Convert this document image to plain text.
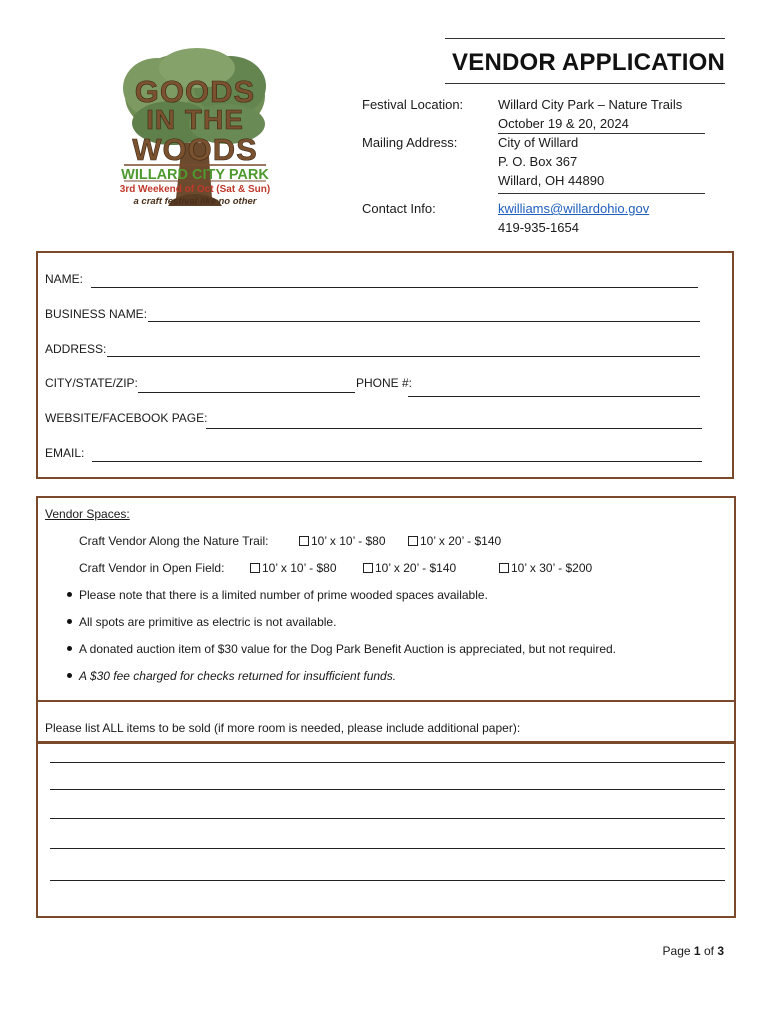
GOODS
IN THE
WOODS
WILLARD CITY PARK
3rd Weekend of Oct (Sat & Sun)
a craft festival like no other
VENDOR APPLICATION
Festival Location:	Willard City Park – Nature Trails
October 19 & 20, 2024
Mailing Address:	City of Willard
P. O. Box 367
Willard, OH 44890
Contact Info:	kwilliams@willardohio.gov
419-935-1654
NAME:
BUSINESS NAME:
ADDRESS:
CITY/STATE/ZIP:	PHONE #:
WEBSITE/FACEBOOK PAGE:
EMAIL:
Vendor Spaces:
Craft Vendor Along the Nature Trail:	10’ x 10’ - $80	10’ x 20’ - $140
Craft Vendor in Open Field:	10’ x 10’ - $80	10’ x 20’ - $140	10’ x 30’ - $200
Please note that there is a limited number of prime wooded spaces available.
All spots are primitive as electric is not available.
A donated auction item of $30 value for the Dog Park Benefit Auction is appreciated, but not required.
A $30 fee charged for checks returned for insufficient funds.
Please list ALL items to be sold (if more room is needed, please include additional paper):
Page 1 of 3
